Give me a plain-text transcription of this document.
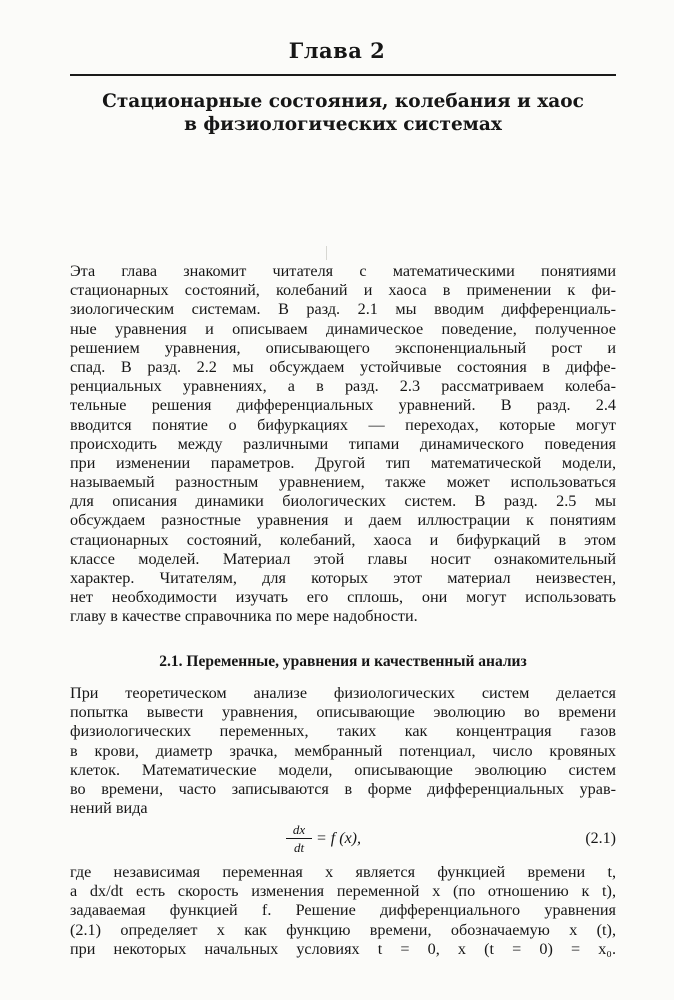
Глава 2
Стационарные состояния, колебания и хаос
в физиологических системах
Эта глава знакомит читателя с математическими понятиями
стационарных состояний, колебаний и хаоса в применении к фи-
зиологическим системам. В разд. 2.1 мы вводим дифференциаль-
ные уравнения и описываем динамическое поведение, полученное
решением уравнения, описывающего экспоненциальный рост и
спад. В разд. 2.2 мы обсуждаем устойчивые состояния в диффе-
ренциальных уравнениях, а в разд. 2.3 рассматриваем колеба-
тельные решения дифференциальных уравнений. В разд. 2.4
вводится понятие о бифуркациях — переходах, которые могут
происходить между различными типами динамического поведения
при изменении параметров. Другой тип математической модели,
называемый разностным уравнением, также может использоваться
для описания динамики биологических систем. В разд. 2.5 мы
обсуждаем разностные уравнения и даем иллюстрации к понятиям
стационарных состояний, колебаний, хаоса и бифуркаций в этом
классе моделей. Материал этой главы носит ознакомительный
характер. Читателям, для которых этот материал неизвестен,
нет необходимости изучать его сплошь, они могут использовать
главу в качестве справочника по мере надобности.
2.1. Переменные, уравнения и качественный анализ
При теоретическом анализе физиологических систем делается
попытка вывести уравнения, описывающие эволюцию во времени
физиологических переменных, таких как концентрация газов
в крови, диаметр зрачка, мембранный потенциал, число кровяных
клеток. Математические модели, описывающие эволюцию систем
во времени, часто записываются в форме дифференциальных урав-
нений вида
$\frac{dx}{dt} = f$ (x),	(2.1)
где независимая переменная x является функцией времени t,
а dx/dt есть скорость изменения переменной x (по отношению к t),
задаваемая функцией f. Решение дифференциального уравнения
(2.1) определяет x как функцию времени, обозначаемую x (t),
при некоторых начальных условиях t = 0, x (t = 0) = x₀.
